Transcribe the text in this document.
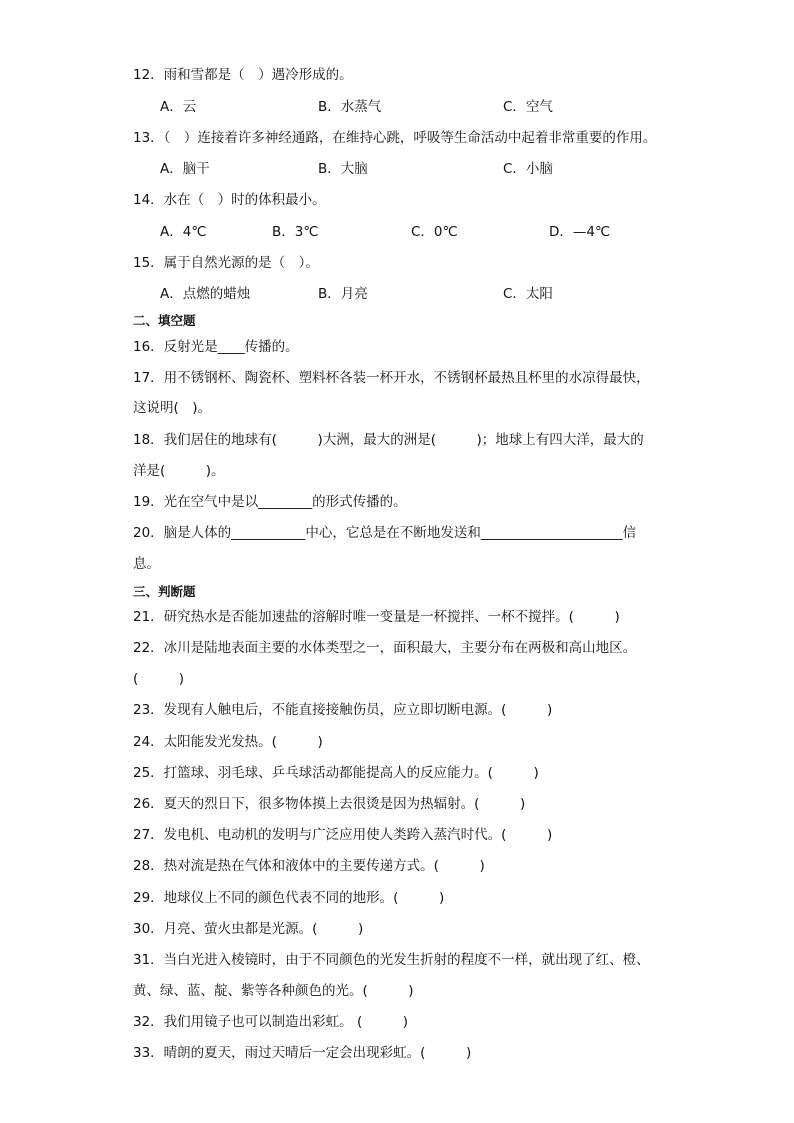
12．雨和雪都是（　）遇冷形成的。
A．云	B．水蒸气	C．空气
13．（　）连接着许多神经通路，在维持心跳，呼吸等生命活动中起着非常重要的作用。
A．脑干	B．大脑	C．小脑
14．水在（　）时的体积最小。
A．4℃	B．3℃	C．0℃	D．—4℃
15．属于自然光源的是（　）。
A．点燃的蜡烛	B．月亮	C．太阳
二、填空题
16．反射光是____传播的。
17．用不锈钢杯、陶瓷杯、塑料杯各装一杯开水，不锈钢杯最热且杯里的水凉得最快，
这说明(　)。
18．我们居住的地球有(　　　)大洲，最大的洲是(　　　)；地球上有四大洋，最大的
洋是(　　　)。
19．光在空气中是以________的形式传播的。
20．脑是人体的___________中心，它总是在不断地发送和_____________________信
息。
三、判断题
21．研究热水是否能加速盐的溶解时唯一变量是一杯搅拌、一杯不搅拌。(　　　)
22．冰川是陆地表面主要的水体类型之一，面积最大，主要分布在两极和高山地区。
(　　　)
23．发现有人触电后，不能直接接触伤员，应立即切断电源。(　　　)
24．太阳能发光发热。(　　　)
25．打篮球、羽毛球、乒乓球活动都能提高人的反应能力。(　　　)
26．夏天的烈日下，很多物体摸上去很烫是因为热辐射。(　　　)
27．发电机、电动机的发明与广泛应用使人类跨入蒸汽时代。(　　　)
28．热对流是热在气体和液体中的主要传递方式。(　　　)
29．地球仪上不同的颜色代表不同的地形。(　　　)
30．月亮、萤火虫都是光源。(　　　)
31．当白光进入棱镜时，由于不同颜色的光发生折射的程度不一样，就出现了红、橙、
黄、绿、蓝、靛、紫等各种颜色的光。(　　　)
32．我们用镜子也可以制造出彩虹。 (　　　)
33．晴朗的夏天，雨过天晴后一定会出现彩虹。(　　　)
